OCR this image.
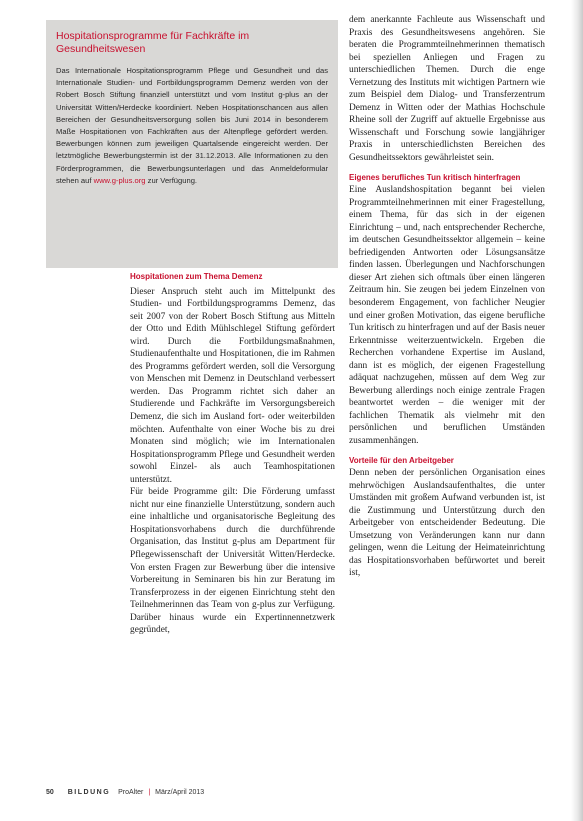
Hospitationsprogramme für Fachkräfte im Gesundheitswesen

Das Internationale Hospitationsprogramm Pflege und Gesundheit und das Internationale Studien- und Fortbildungsprogramm Demenz werden von der Robert Bosch Stiftung finanziell unterstützt und vom Institut g-plus an der Universität Witten/Herdecke koordiniert. Neben Hospitationschancen aus allen Bereichen der Gesundheitsversorgung sollen bis Juni 2014 in besonderem Maße Hospitationen von Fachkräften aus der Altenpflege gefördert werden. Bewerbungen können zum jeweiligen Quartalsende eingereicht werden. Der letztmögliche Bewerbungstermin ist der 31.12.2013. Alle Informationen zu den Förderprogrammen, die Bewerbungsunterlagen und das Anmeldeformular stehen auf www.g-plus.org zur Verfügung.

Hospitationen zum Thema Demenz

Dieser Anspruch steht auch im Mittelpunkt des Studien- und Fortbildungsprogramms Demenz, das seit 2007 von der Robert Bosch Stiftung aus Mitteln der Otto und Edith Mühlschlegel Stiftung gefördert wird. Durch die Fortbildungsmaßnahmen, Studienaufenthalte und Hospitationen, die im Rahmen des Programms gefördert werden, soll die Versorgung von Menschen mit Demenz in Deutschland verbessert werden. Das Programm richtet sich daher an Studierende und Fachkräfte im Versorgungsbereich Demenz, die sich im Ausland fort- oder weiterbilden möchten. Aufenthalte von einer Woche bis zu drei Monaten sind möglich; wie im Internationalen Hospitationsprogramm Pflege und Gesundheit werden sowohl Einzel- als auch Teamhospitationen unterstützt.

Für beide Programme gilt: Die Förderung umfasst nicht nur eine finanzielle Unterstützung, sondern auch eine inhaltliche und organisatorische Begleitung des Hospitationsvorhabens durch die durchführende Organisation, das Institut g-plus am Department für Pflegewissenschaft der Universität Witten/Herdecke. Von ersten Fragen zur Bewerbung über die intensive Vorbereitung in Seminaren bis hin zur Beratung im Transferprozess in der eigenen Einrichtung steht den Teilnehmerinnen das Team von g-plus zur Verfügung. Darüber hinaus wurde ein Expertinnennetzwerk gegründet,

dem anerkannte Fachleute aus Wissenschaft und Praxis des Gesundheitswesens angehören. Sie beraten die Programmteilnehmerinnen thematisch bei speziellen Anliegen und Fragen zu unterschiedlichen Themen. Durch die enge Vernetzung des Instituts mit wichtigen Partnern wie zum Beispiel dem Dialog- und Transferzentrum Demenz in Witten oder der Mathias Hochschule Rheine soll der Zugriff auf aktuelle Ergebnisse aus Wissenschaft und Forschung sowie langjähriger Praxis in unterschiedlichsten Bereichen des Gesundheitssektors gewährleistet sein.

Eigenes berufliches Tun kritisch hinterfragen

Eine Auslandshospitation begannt bei vielen Programmteilnehmerinnen mit einer Fragestellung, einem Thema, für das sich in der eigenen Einrichtung – und, nach entsprechender Recherche, im deutschen Gesundheitssektor allgemein – keine befriedigenden Antworten oder Lösungsansätze finden lassen. Überlegungen und Nachforschungen dieser Art ziehen sich oftmals über einen längeren Zeitraum hin. Sie zeugen bei jedem Einzelnen von besonderem Engagement, von fachlicher Neugier und einer großen Motivation, das eigene berufliche Tun kritisch zu hinterfragen und auf der Basis neuer Erkenntnisse weiterzuentwickeln. Ergeben die Recherchen vorhandene Expertise im Ausland, dann ist es möglich, der eigenen Fragestellung adäquat nachzugehen, müssen auf dem Weg zur Bewerbung allerdings noch einige zentrale Fragen beantwortet werden – die weniger mit der fachlichen Thematik als vielmehr mit den persönlichen und beruflichen Umständen zusammenhängen.

Vorteile für den Arbeitgeber

Denn neben der persönlichen Organisation eines mehrwöchigen Auslandsaufenthaltes, die unter Umständen mit großem Aufwand verbunden ist, ist die Zustimmung und Unterstützung durch den Arbeitgeber von entscheidender Bedeutung. Die Umsetzung von Veränderungen kann nur dann gelingen, wenn die Leitung der Heimateinrichtung das Hospitationsvorhaben befürwortet und bereit ist,

50 BILDUNG ProAlter | März/April 2013
